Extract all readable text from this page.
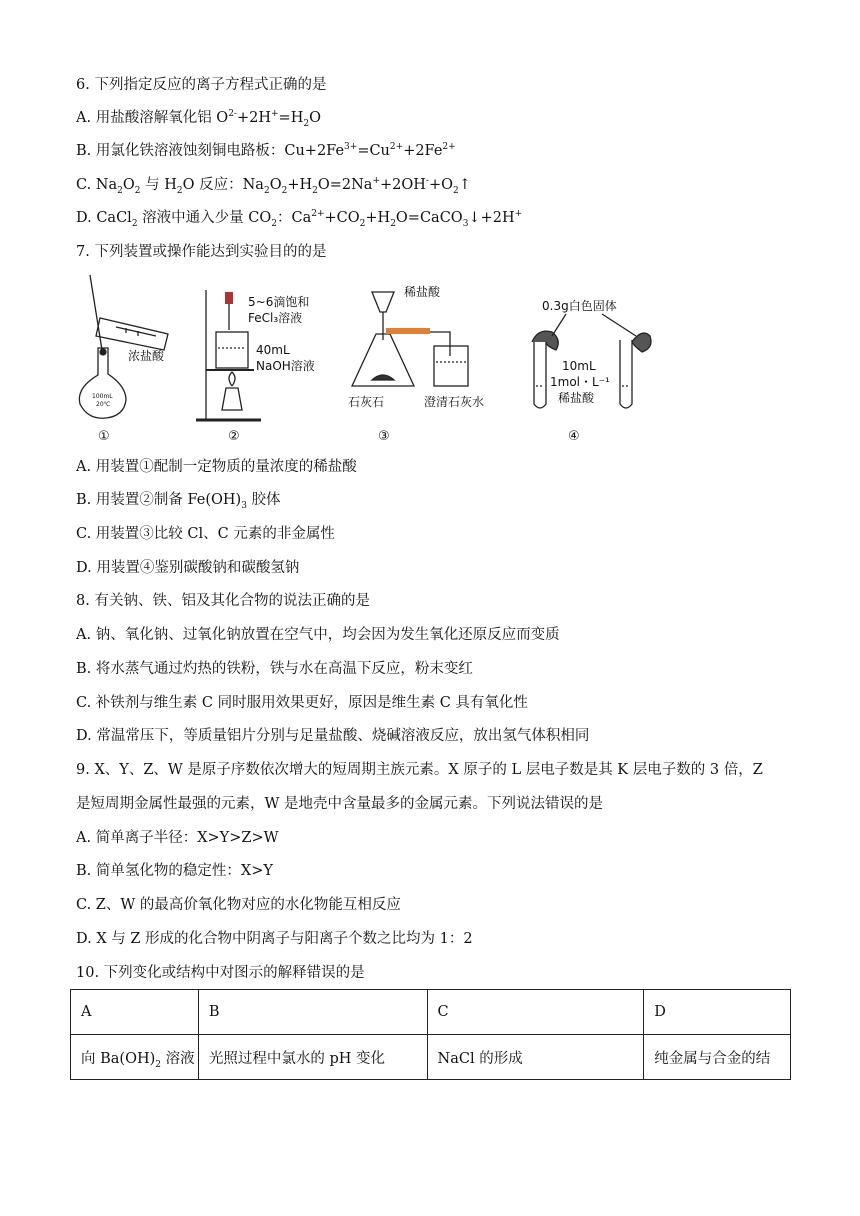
6. 下列指定反应的离子方程式正确的是
A. 用盐酸溶解氧化铝 $O^{2-}+2H^+=H_2O$
B. 用氯化铁溶液蚀刻铜电路板：$Cu+2Fe^{3+}=Cu^{2+}+2Fe^{2+}$
C. $Na_2O_2$ 与 $H_2O$ 反应：$Na_2O_2+H_2O=2Na^++2OH^-+O_2↑$
D. CaCl$_2$ 溶液中通入少量 $CO_2$：$Ca^{2+}+CO_2+H_2O=CaCO_3↓+2H^+$
7. 下列装置或操作能达到实验目的的是
浓盐酸
100mL
20℃
①
5~6滴饱和
FeCl₃溶液
40mL
NaOH溶液
②
稀盐酸
石灰石	澄清石灰水
③
0.3g白色固体
10mL
1mol・L⁻¹
稀盐酸
④
A. 用装置①配制一定物质的量浓度的稀盐酸
B. 用装置②制备 $Fe(OH)_3$ 胶体
C. 用装置③比较 Cl、C 元素的非金属性
D. 用装置④鉴别碳酸钠和碳酸氢钠
8. 有关钠、铁、铝及其化合物的说法正确的是
A. 钠、氧化钠、过氧化钠放置在空气中，均会因为发生氧化还原反应而变质
B. 将水蒸气通过灼热的铁粉，铁与水在高温下反应，粉末变红
C. 补铁剂与维生素 C 同时服用效果更好，原因是维生素 C 具有氧化性
D. 常温常压下，等质量铝片分别与足量盐酸、烧碱溶液反应，放出氢气体积相同
9. X、Y、Z、W 是原子序数依次增大的短周期主族元素。X 原子的 L 层电子数是其 K 层电子数的 3 倍，Z
是短周期金属性最强的元素，W 是地壳中含量最多的金属元素。下列说法错误的是
A. 简单离子半径：X>Y>Z>W
B. 简单氢化物的稳定性：X>Y
C. Z、W 的最高价氧化物对应的水化物能互相反应
D. X 与 Z 形成的化合物中阴离子与阳离子个数之比均为 1：2
10. 下列变化或结构中对图示的解释错误的是
A	B	C	D
向 $Ba(OH)_2$ 溶液	光照过程中氯水的 pH 变化	NaCl 的形成	纯金属与合金的结
